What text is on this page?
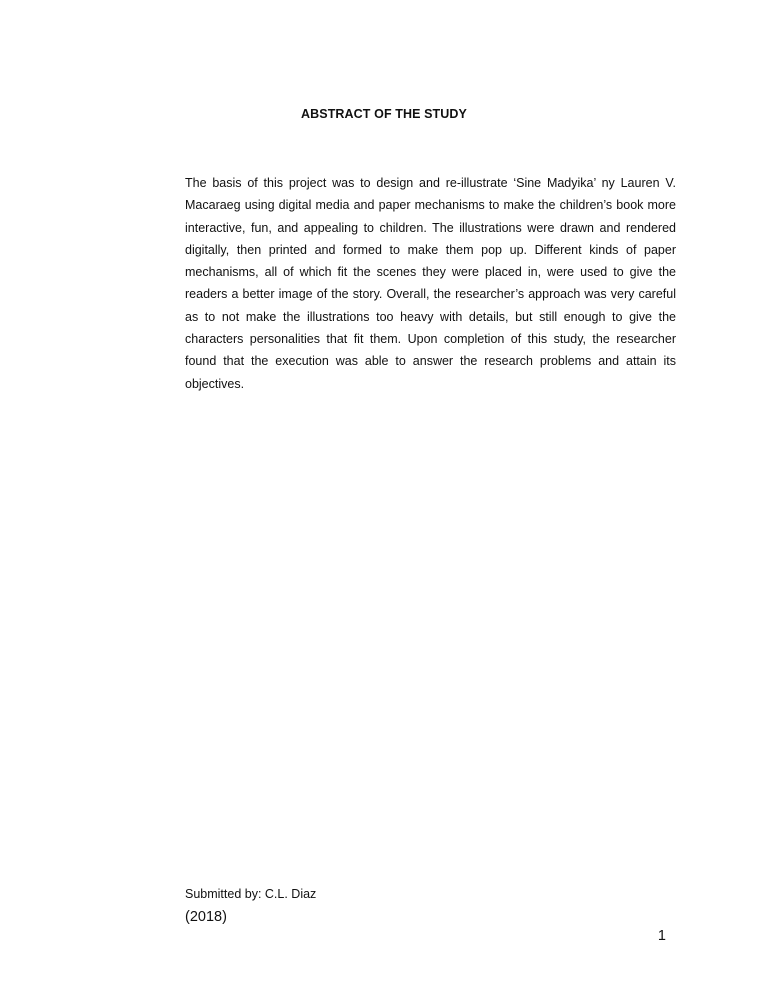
ABSTRACT OF THE STUDY

The basis of this project was to design and re-illustrate ‘Sine Madyika’ ny Lauren V. Macaraeg using digital media and paper mechanisms to make the children’s book more interactive, fun, and appealing to children. The illustrations were drawn and rendered digitally, then printed and formed to make them pop up. Different kinds of paper mechanisms, all of which fit the scenes they were placed in, were used to give the readers a better image of the story. Overall, the researcher’s approach was very careful as to not make the illustrations too heavy with details, but still enough to give the characters personalities that fit them. Upon completion of this study, the researcher found that the execution was able to answer the research problems and attain its objectives.

Submitted by: C.L. Diaz

(2018)

1
